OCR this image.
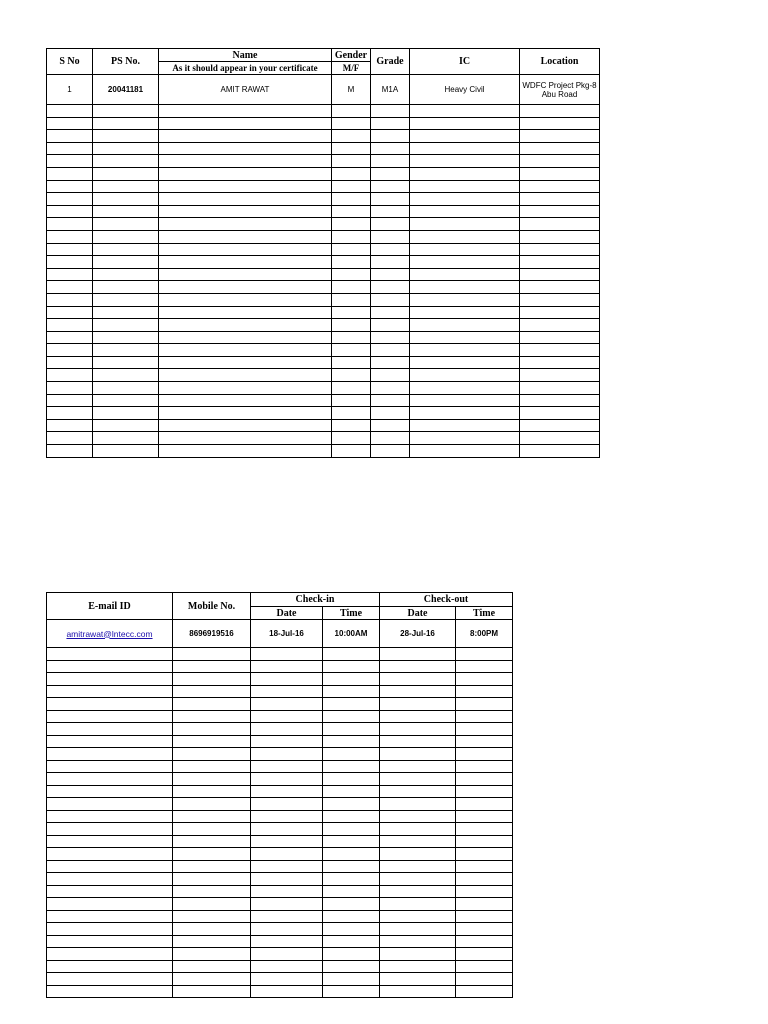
S No	PS No.	Name	Gender	Grade	IC	Location
		As it should appear in your certificate	M/F			
1	20041181	AMIT RAWAT	M	M1A	Heavy Civil	WDFC Project Pkg-8 Abu Road

E-mail ID	Mobile No.	Check-in		Check-out	
		Date	Time	Date	Time
amitrawat@lntecc.com	8696919516	18-Jul-16	10:00AM	28-Jul-16	8:00PM
